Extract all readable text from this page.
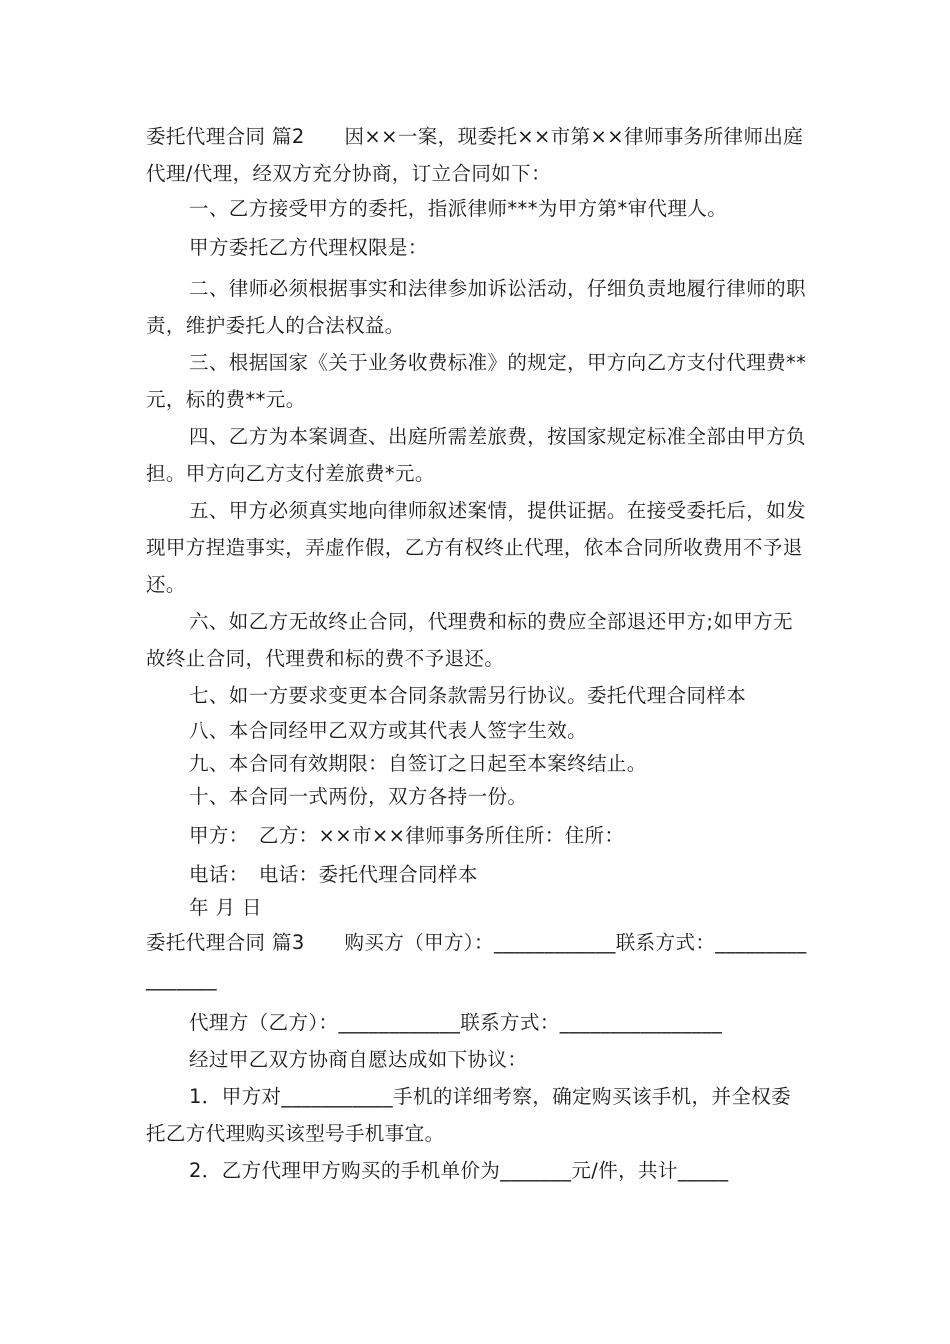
委托代理合同 篇2　　因××一案，现委托××市第××律师事务所律师出庭代理/代理，经双方充分协商，订立合同如下：

一、乙方接受甲方的委托，指派律师***为甲方第*审代理人。

甲方委托乙方代理权限是：

二、律师必须根据事实和法律参加诉讼活动，仔细负责地履行律师的职责，维护委托人的合法权益。

三、根据国家《关于业务收费标准》的规定，甲方向乙方支付代理费**元，标的费**元。

四、乙方为本案调查、出庭所需差旅费，按国家规定标准全部由甲方负担。甲方向乙方支付差旅费*元。

五、甲方必须真实地向律师叙述案情，提供证据。在接受委托后，如发现甲方捏造事实，弄虚作假，乙方有权终止代理，依本合同所收费用不予退还。

六、如乙方无故终止合同，代理费和标的费应全部退还甲方;如甲方无故终止合同，代理费和标的费不予退还。

七、如一方要求变更本合同条款需另行协议。委托代理合同样本

八、本合同经甲乙双方或其代表人签字生效。

九、本合同有效期限：自签订之日起至本案终结止。

十、本合同一式两份，双方各持一份。

甲方：　乙方：××市××律师事务所住所：住所：

电话：　电话：委托代理合同样本

年 月 日

委托代理合同 篇3　　购买方（甲方）：____________联系方式：________________

代理方（乙方）：____________联系方式：________________

经过甲乙双方协商自愿达成如下协议：

1．甲方对___________手机的详细考察，确定购买该手机，并全权委托乙方代理购买该型号手机事宜。

2．乙方代理甲方购买的手机单价为_______元/件，共计_____
